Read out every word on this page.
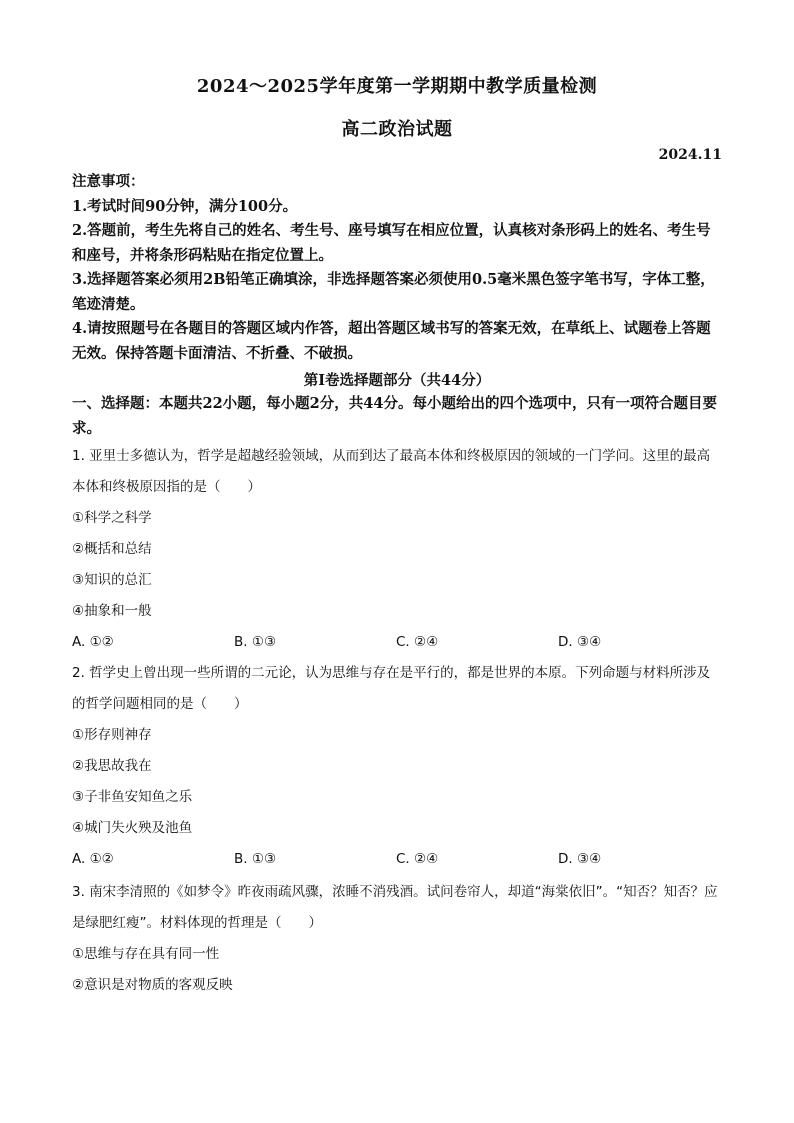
2024～2025学年度第一学期期中教学质量检测
高二政治试题
2024.11

注意事项：

1.考试时间90分钟，满分100分。

2.答题前，考生先将自己的姓名、考生号、座号填写在相应位置，认真核对条形码上的姓名、考生号和座号，并将条形码粘贴在指定位置上。

3.选择题答案必须用2B铅笔正确填涂，非选择题答案必须使用0.5毫米黑色签字笔书写，字体工整，笔迹清楚。

4.请按照题号在各题目的答题区域内作答，超出答题区域书写的答案无效，在草纸上、试题卷上答题无效。保持答题卡面清洁、不折叠、不破损。

第Ⅰ卷选择题部分（共44分）

一、选择题：本题共22小题，每小题2分，共44分。每小题给出的四个选项中，只有一项符合题目要求。

1. 亚里士多德认为，哲学是超越经验领域，从而到达了最高本体和终极原因的领域的一门学问。这里的最高本体和终极原因指的是（　　）

①科学之科学

②概括和总结

③知识的总汇

④抽象和一般

A. ①②	B. ①③	C. ②④	D. ③④

2. 哲学史上曾出现一些所谓的二元论，认为思维与存在是平行的，都是世界的本原。下列命题与材料所涉及的哲学问题相同的是（　　）

①形存则神存

②我思故我在

③子非鱼安知鱼之乐

④城门失火殃及池鱼

A. ①②	B. ①③	C. ②④	D. ③④

3. 南宋李清照的《如梦令》昨夜雨疏风骤，浓睡不消残酒。试问卷帘人，却道“海棠依旧”。“知否？知否？应是绿肥红瘦”。材料体现的哲理是（　　）

①思维与存在具有同一性

②意识是对物质的客观反映
